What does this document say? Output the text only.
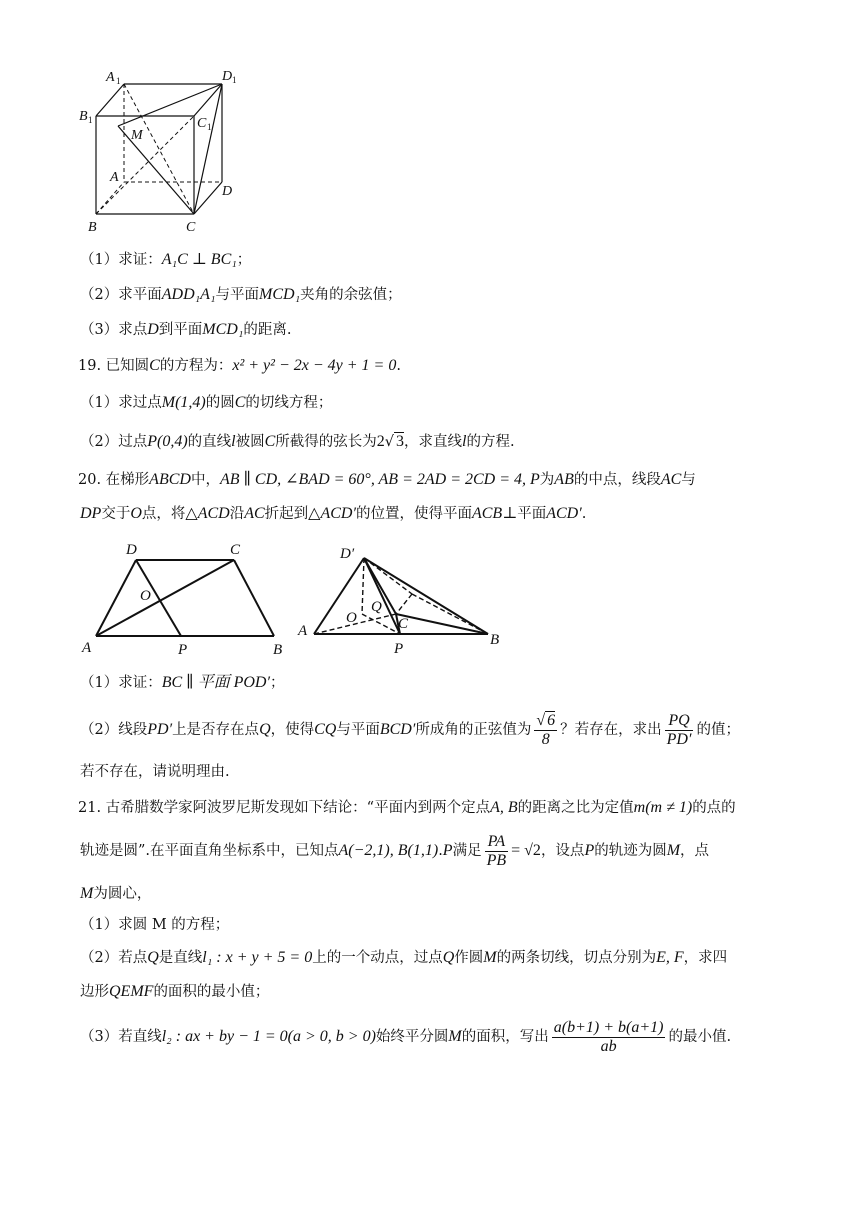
A 1	D 1
B 1	C 1
M
A
D
B	C
（1）求证：A₁C ⊥ BC₁；
（2）求平面ADD₁A₁与平面MCD₁夹角的余弦值；
（3）求点D到平面MCD₁的距离.
19. 已知圆C的方程为：x² + y² − 2x − 4y + 1 = 0.
（1）求过点M(1,4)的圆C的切线方程；
（2）过点P(0,4)的直线l被圆C所截得的弦长为2√ 3，求直线l的方程.
20. 在梯形ABCD中，AB ∥ CD, ∠BAD = 60°, AB = 2AD = 2CD = 4, P为AB的中点，线段AC与
DP交于O点，将△ACD沿AC折起到△ACD′的位置，使得平面ACB⊥平面ACD′.
D	C
O
A	P	B
D′
Q
O	C
A
P
B
（1）求证：BC ∥ 平面 POD′；
（2）线段PD′上是否存在点Q，使得CQ与平面BCD′所成角的正弦值为 $\frac{√ 6}{8}$ ？若存在，求出 $\frac{PQ}{PD'}$ 的值；
若不存在，请说明理由.
21. 古希腊数学家阿波罗尼斯发现如下结论：“平面内到两个定点A, B的距离之比为定值m(m ≠ 1)的点的
轨迹是圆”.在平面直角坐标系中，已知点A(−2,1), B(1,1).P满足 $\frac{PA}{PB} = √2$，设点P的轨迹为圆M，点
M为圆心，
（1）求圆 M 的方程；
（2）若点Q是直线l₁ : x + y + 5 = 0上的一个动点，过点Q作圆M的两条切线，切点分别为E, F，求四
边形QEMF的面积的最小值；
（3）若直线l₂ : ax + by − 1 = 0(a > 0, b > 0)始终平分圆M的面积，写出 $\frac{a(b+1) + b(a+1)}{ab}$ 的最小值.
